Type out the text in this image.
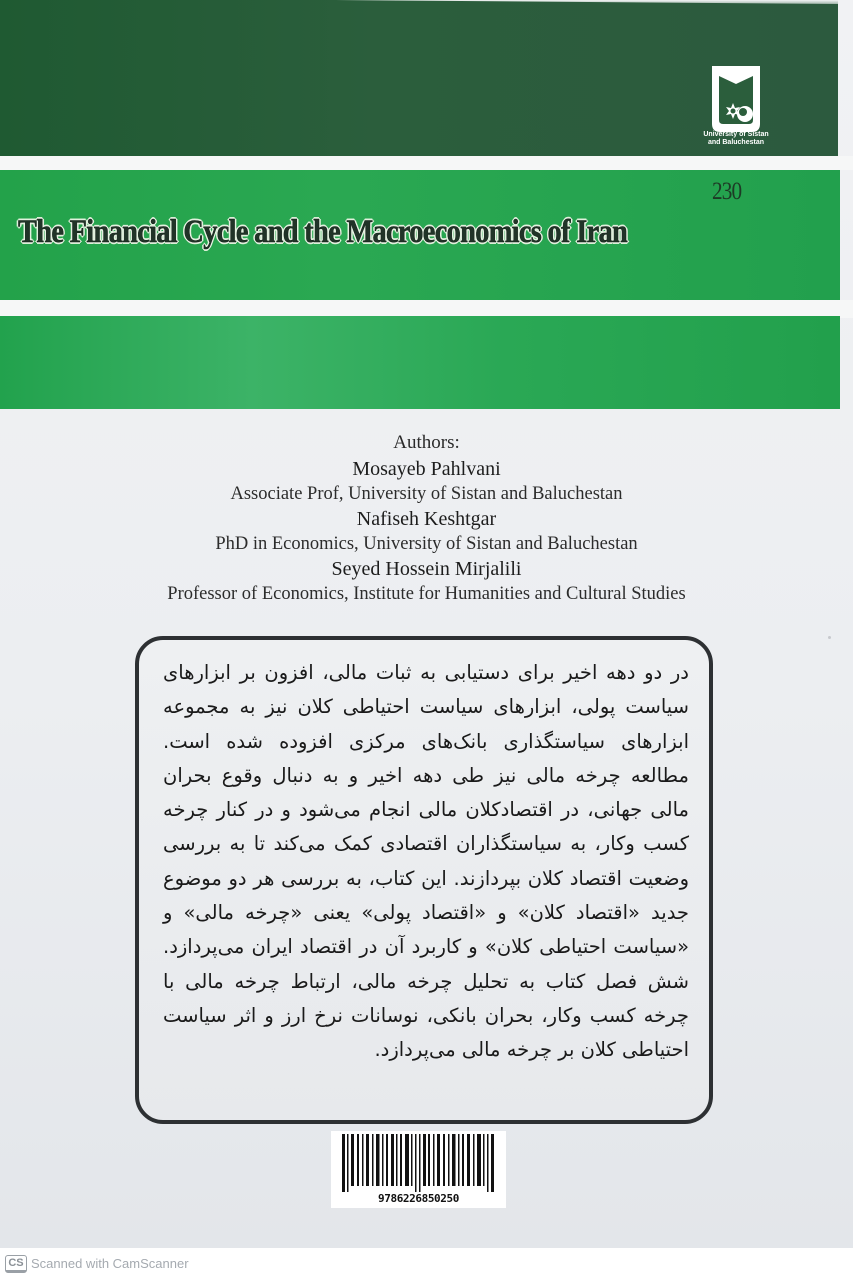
University of Sistan
and Baluchestan
230
The Financial Cycle and the Macroeconomics of Iran
Authors:
Mosayeb Pahlvani
Associate Prof, University of Sistan and Baluchestan
Nafiseh Keshtgar
PhD in Economics, University of Sistan and Baluchestan
Seyed Hossein Mirjalili
Professor of Economics, Institute for Humanities and Cultural Studies

در دو دهه اخیر برای دستیابی به ثبات مالی، افزون بر ابزارهای سیاست پولی، ابزارهای سیاست احتیاطی کلان نیز به مجموعه ابزارهای سیاستگذاری بانک‌های مرکزی افزوده شده است. مطالعه چرخه مالی نیز طی دهه اخیر و به دنبال وقوع بحران مالی جهانی، در اقتصادکلان مالی انجام می‌شود و در کنار چرخه کسب وکار، به سیاستگذاران اقتصادی کمک می‌کند تا به بررسی وضعیت اقتصاد کلان بپردازند. این کتاب، به بررسی هر دو موضوع جدید «اقتصاد کلان» و «اقتصاد پولی» یعنی «چرخه مالی» و «سیاست احتیاطی کلان» و کاربرد آن در اقتصاد ایران می‌پردازد. شش فصل کتاب به تحلیل چرخه مالی، ارتباط چرخه مالی با چرخه کسب وکار، بحران بانکی، نوسانات نرخ ارز و اثر سیاست احتیاطی کلان بر چرخه مالی می‌پردازد.

9786226850250
CS Scanned with CamScanner
